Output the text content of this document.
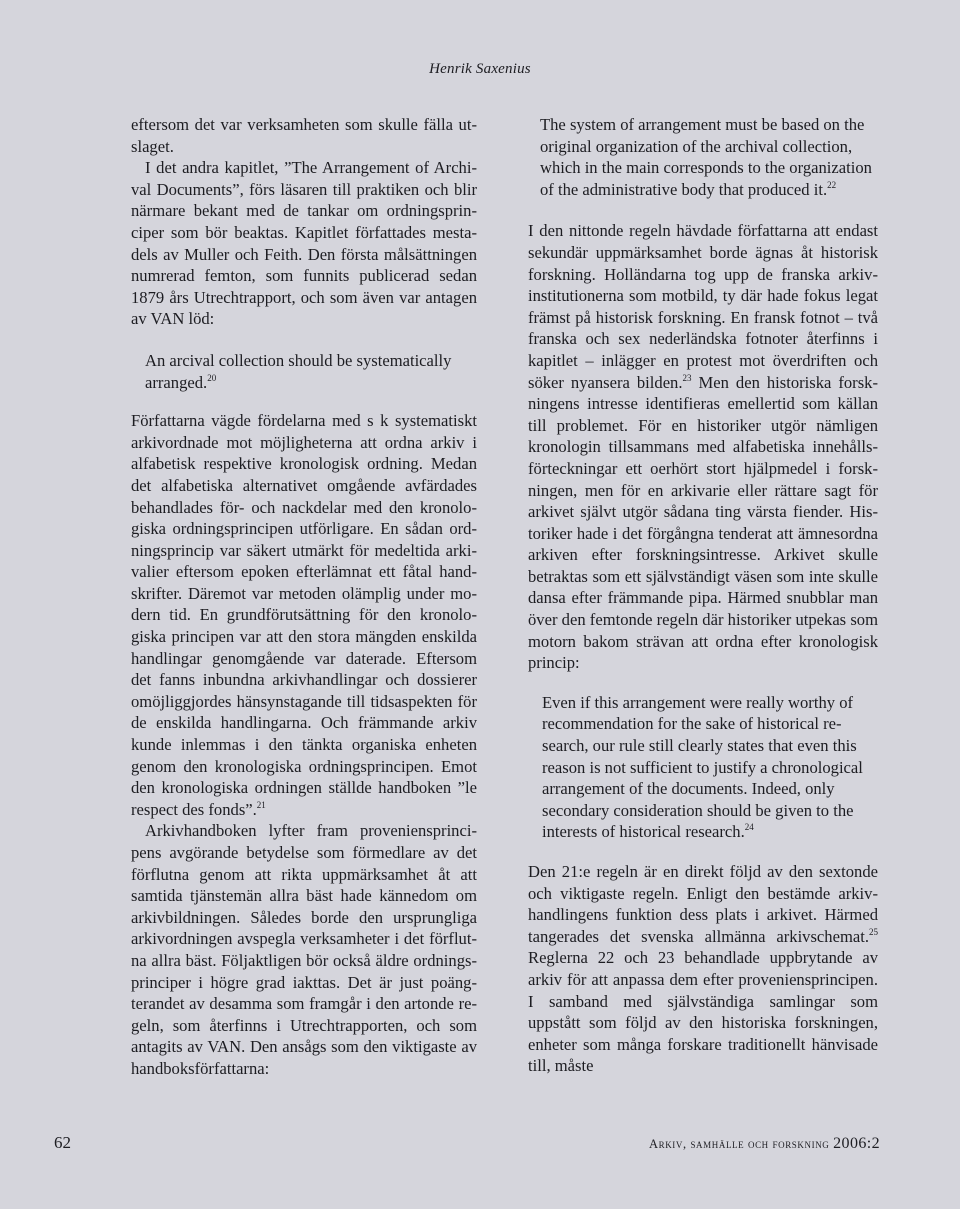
Henrik Saxenius

eftersom det var verksamheten som skulle fälla utslaget.

I det andra kapitlet, ”The Arrangement of Archival Documents”, förs läsaren till praktiken och blir närmare bekant med de tankar om ordningsprinciper som bör beaktas. Kapitlet författades mestadels av Muller och Feith. Den första målsättningen numrerad femton, som funnits publicerad sedan 1879 års Utrechtrapport, och som även var antagen av VAN löd:

An arcival collection should be systematically arranged.$^{20}$

Författarna vägde fördelarna med s k systematiskt arkivordnade mot möjligheterna att ordna arkiv i alfabetisk respektive kronologisk ordning. Medan det alfabetiska alternativet omgående avfärdades behandlades för- och nackdelar med den kronologiska ordningsprincipen utförligare. En sådan ordningsprincip var säkert utmärkt för medeltida arkivalier eftersom epoken efterlämnat ett fåtal handskrifter. Däremot var metoden olämplig under modern tid. En grundförutsättning för den kronologiska principen var att den stora mängden enskilda handlingar genomgående var daterade. Eftersom det fanns inbundna arkivhandlingar och dossierer omöjliggjordes hänsynstagande till tidsaspekten för de enskilda handlingarna. Och främmande arkiv kunde inlemmas i den tänkta organiska enheten genom den kronologiska ordningsprincipen. Emot den kronologiska ordningen ställde handboken ”le respect des fonds”.$^{21}$

Arkivhandboken lyfter fram proveniensprincipens avgörande betydelse som förmedlare av det förflutna genom att rikta uppmärksamhet åt att samtida tjänstemän allra bäst hade kännedom om arkivbildningen. Således borde den ursprungliga arkivordningen avspegla verksamheter i det förflutna allra bäst. Följaktligen bör också äldre ordningsprinciper i högre grad iakttas. Det är just poängterandet av desamma som framgår i den artonde regeln, som återfinns i Utrechtrapporten, och som antagits av VAN. Den ansågs som den viktigaste av handboksförfattarna:

The system of arrangement must be based on the original organization of the archival collection, which in the main corresponds to the organization of the administrative body that produced it.$^{22}$

I den nittonde regeln hävdade författarna att endast sekundär uppmärksamhet borde ägnas åt historisk forskning. Holländarna tog upp de franska arkivinstitutionerna som motbild, ty där hade fokus legat främst på historisk forskning. En fransk fotnot – två franska och sex nederländska fotnoter återfinns i kapitlet – inlägger en protest mot överdriften och söker nyansera bilden.$^{23}$ Men den historiska forskningens intresse identifieras emellertid som källan till problemet. För en historiker utgör nämligen kronologin tillsammans med alfabetiska innehållsförteckningar ett oerhört stort hjälpmedel i forskningen, men för en arkivarie eller rättare sagt för arkivet självt utgör sådana ting värsta fiender. Historiker hade i det förgångna tenderat att ämnesordna arkiven efter forskningsintresse. Arkivet skulle betraktas som ett självständigt väsen som inte skulle dansa efter främmande pipa. Härmed snubblar man över den femtonde regeln där historiker utpekas som motorn bakom strävan att ordna efter kronologisk princip:

Even if this arrangement were really worthy of recommendation for the sake of historical research, our rule still clearly states that even this reason is not sufficient to justify a chronological arrangement of the documents. Indeed, only secondary consideration should be given to the interests of historical research.$^{24}$

Den 21:e regeln är en direkt följd av den sextonde och viktigaste regeln. Enligt den bestämde arkivhandlingens funktion dess plats i arkivet. Härmed tangerades det svenska allmänna arkivschemat.$^{25}$ Reglerna 22 och 23 behandlade uppbrytande av arkiv för att anpassa dem efter proveniensprincipen. I samband med självständiga samlingar som uppstått som följd av den historiska forskningen, enheter som många forskare traditionellt hänvisade till, måste

62	Arkiv, samhälle och forskning 2006:2
